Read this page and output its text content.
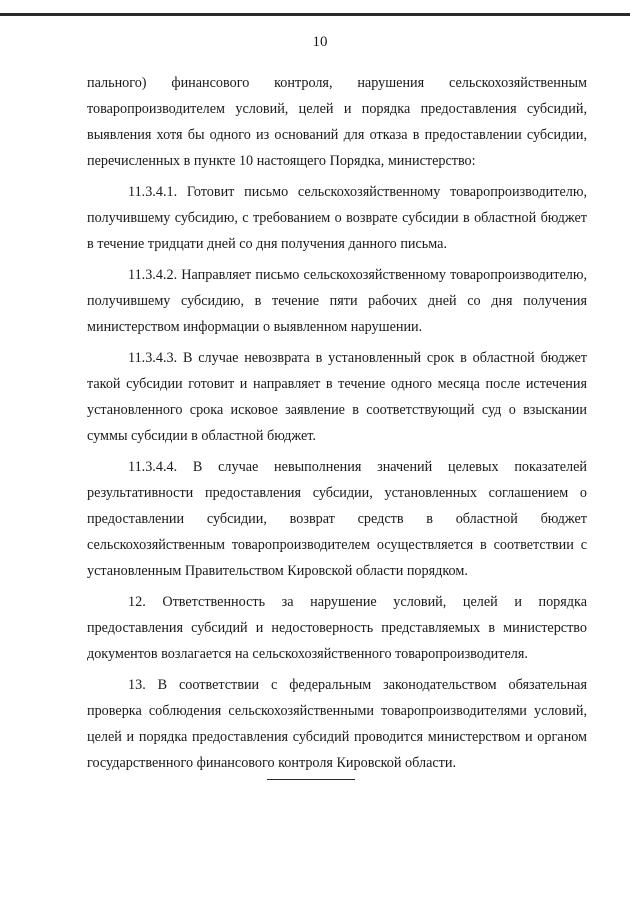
10

пального) финансового контроля, нарушения сельскохозяйственным товаропроизводителем условий, целей и порядка предоставления субсидий, выявления хотя бы одного из оснований для отказа в предоставлении субсидии, перечисленных в пункте 10 настоящего Порядка, министерство:

11.3.4.1. Готовит письмо сельскохозяйственному товаропроизводителю, получившему субсидию, с требованием о возврате субсидии в областной бюджет в течение тридцати дней со дня получения данного письма.

11.3.4.2. Направляет письмо сельскохозяйственному товаропроизводителю, получившему субсидию, в течение пяти рабочих дней со дня получения министерством информации о выявленном нарушении.

11.3.4.3. В случае невозврата в установленный срок в областной бюджет такой субсидии готовит и направляет в течение одного месяца после истечения установленного срока исковое заявление в соответствующий суд о взыскании суммы субсидии в областной бюджет.

11.3.4.4. В случае невыполнения значений целевых показателей результативности предоставления субсидии, установленных соглашением о предоставлении субсидии, возврат средств в областной бюджет сельскохозяйственным товаропроизводителем осуществляется в соответствии с установленным Правительством Кировской области порядком.

12. Ответственность за нарушение условий, целей и порядка предоставления субсидий и недостоверность представляемых в министерство документов возлагается на сельскохозяйственного товаропроизводителя.

13. В соответствии с федеральным законодательством обязательная проверка соблюдения сельскохозяйственными товаропроизводителями условий, целей и порядка предоставления субсидий проводится министерством и органом государственного финансового контроля Кировской области.
